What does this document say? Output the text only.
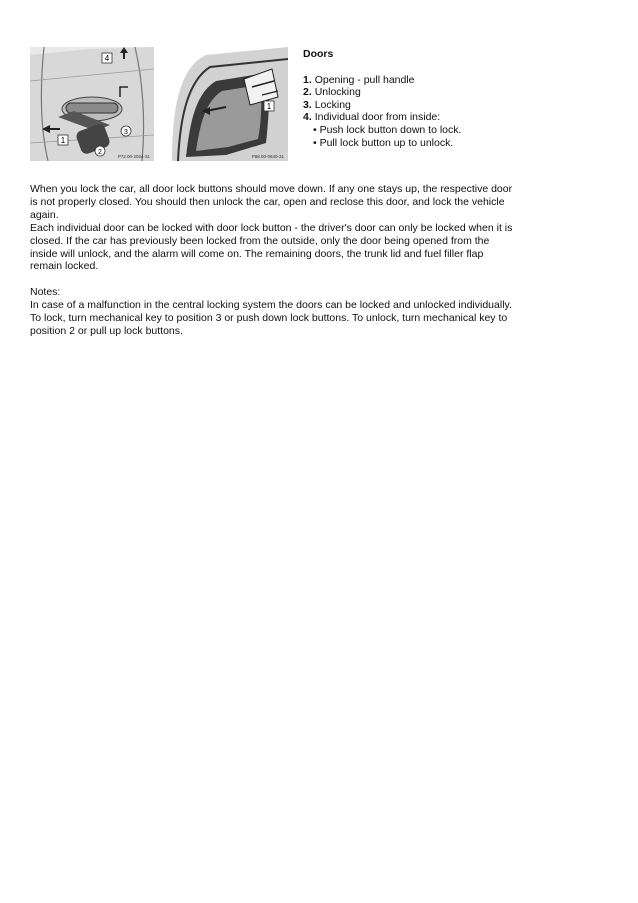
4
1
3
2
P72.00-2024-31
1
P88.00-0640-31
Doors
1. Opening - pull handle
2. Unlocking
3. Locking
4. Individual door from inside:
• Push lock button down to lock.
• Pull lock button up to unlock.

When you lock the car, all door lock buttons should move down. If any one stays up, the respective door is not properly closed. You should then unlock the car, open and reclose this door, and lock the vehicle again.

Each individual door can be locked with door lock button - the driver's door can only be locked when it is closed. If the car has previously been locked from the outside, only the door being opened from the inside will unlock, and the alarm will come on. The remaining doors, the trunk lid and fuel filler flap remain locked.

Notes:

In case of a malfunction in the central locking system the doors can be locked and unlocked individually. To lock, turn mechanical key to position 3 or push down lock buttons. To unlock, turn mechanical key to position 2 or pull up lock buttons.
